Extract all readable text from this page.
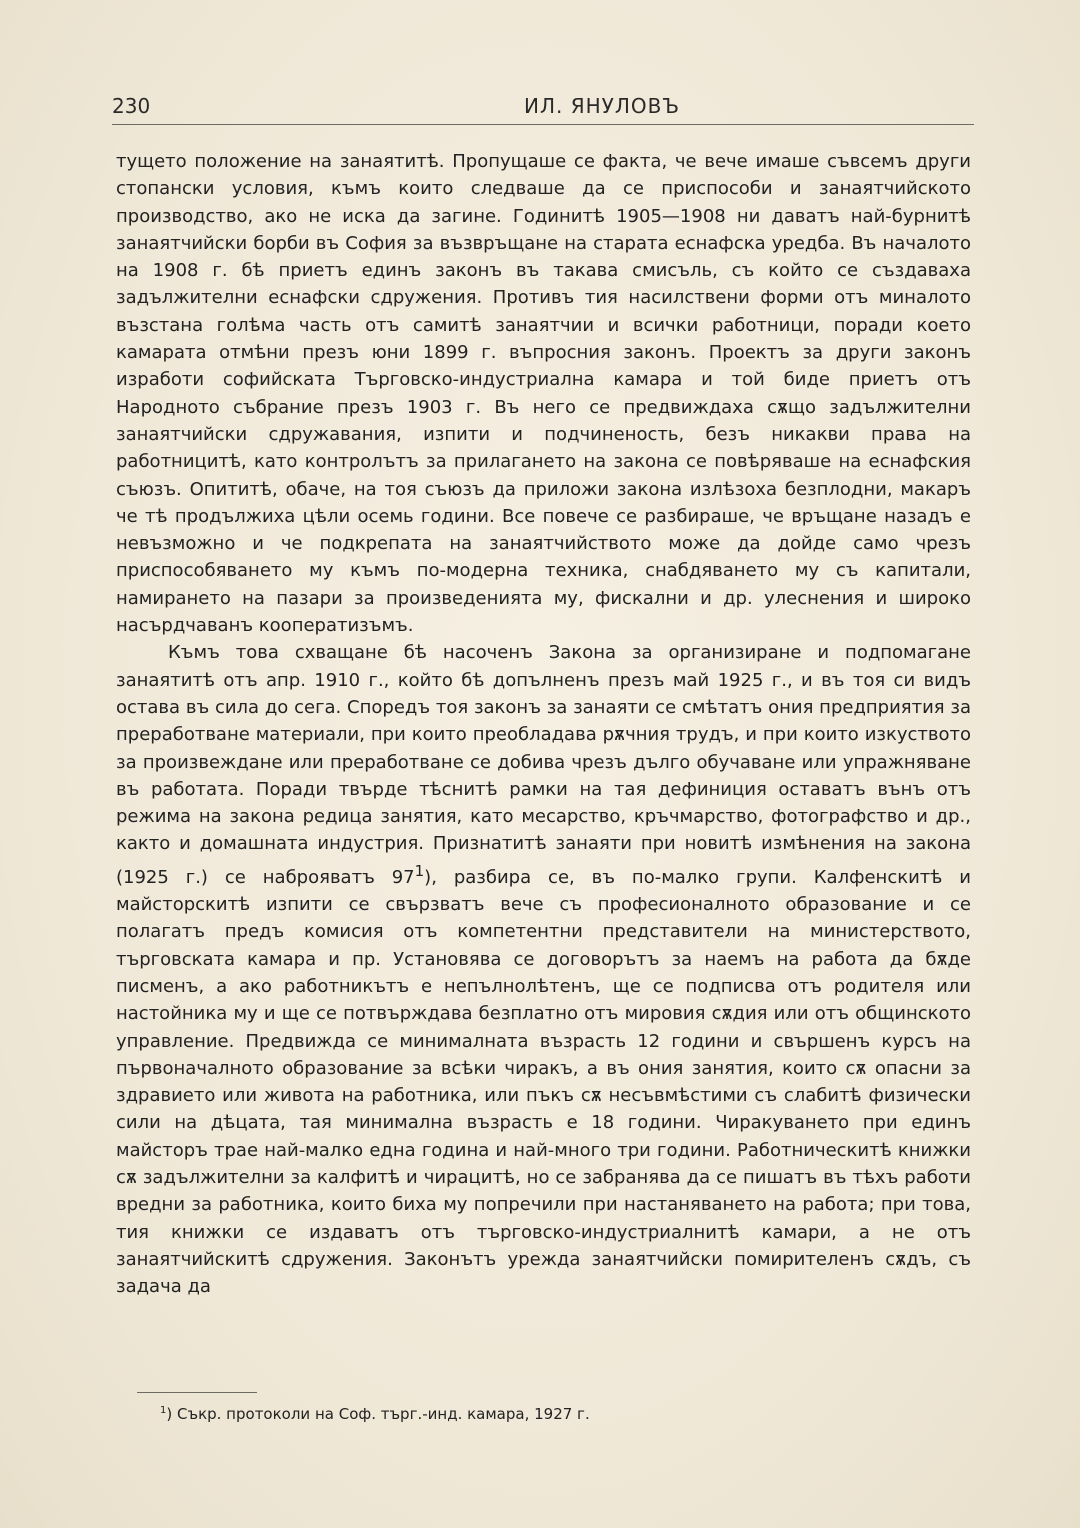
230	ИЛ. ЯНУЛОВЪ

тущето положение на занаятитѣ. Пропущаше се факта, че вече имаше съвсемъ други стопански условия, къмъ които следваше да се приспособи и занаятчийското производство, ако не иска да загине. Годинитѣ 1905—1908 ни даватъ най-бурнитѣ занаятчийски борби въ София за възвръщане на старата еснафска уредба. Въ началото на 1908 г. бѣ приетъ единъ законъ въ такава смисъль, съ който се създаваха задължителни еснафски сдружения. Противъ тия насилствени форми отъ миналото възстана голѣма часть отъ самитѣ занаятчии и всички работници, поради което камарата отмѣни презъ юни 1899 г. въпросния законъ. Проектъ за други законъ изработи софийската Търговско-индустриална камара и той биде приетъ отъ Народното събрание презъ 1903 г. Въ него се предвиждаха сѫщо задължителни занаятчийски сдружавания, изпити и подчиненость, безъ никакви права на работницитѣ, като контролътъ за прилагането на закона се повѣряваше на еснафския съюзъ. Опититѣ, обаче, на тоя съюзъ да приложи закона излѣзоха безплодни, макаръ че тѣ продължиха цѣли осемь години. Все повече се разбираше, че връщане назадъ е невъзможно и че подкрепата на занаятчийството може да дойде само чрезъ приспособяването му къмъ по-модерна техника, снабдяването му съ капитали, намирането на пазари за произведенията му, фискални и др. улеснения и широко насърдчаванъ кооператизъмъ.

Къмъ това схващане бѣ насоченъ Закона за организиране и подпомагане занаятитѣ отъ апр. 1910 г., който бѣ допълненъ презъ май 1925 г., и въ тоя си видъ остава въ сила до сега. Споредъ тоя законъ за занаяти се смѣтатъ ония предприятия за преработване материали, при които преобладава рѫчния трудъ, и при които изкуството за произвеждане или преработване се добива чрезъ дълго обучаване или упражняване въ работата. Поради твърде тѣснитѣ рамки на тая дефиниция оставатъ вънъ отъ режима на закона редица занятия, като месарство, кръчмарство, фотографство и др., както и домашната индустрия. Признатитѣ занаяти при новитѣ измѣнения на закона (1925 г.) се наброяватъ $97^1$), разбира се, въ по-малко групи. Калфенскитѣ и майсторскитѣ изпити се свързватъ вече съ професионалното образование и се полагатъ предъ комисия отъ компетентни представители на министерството, търговската камара и пр. Установява се договорътъ за наемъ на работа да бѫде писменъ, а ако работникътъ е непълнолѣтенъ, ще се подписва отъ родителя или настойника му и ще се потвърждава безплатно отъ мировия сѫдия или отъ общинското управление. Предвижда се минималната възрасть 12 години и свършенъ курсъ на първоначалното образование за всѣки чиракъ, а въ ония занятия, които сѫ опасни за здравието или живота на работника, или пъкъ сѫ несъвмѣстими съ слабитѣ физически сили на дѣцата, тая минимална възрасть е 18 години. Чиракуването при единъ майсторъ трае най-малко една година и най-много три години. Работническитѣ книжки сѫ задължителни за калфитѣ и чирацитѣ, но се забранява да се пишатъ въ тѣхъ работи вредни за работника, които биха му попречили при настаняването на работа; при това, тия книжки се издаватъ отъ търговско-индустриалнитѣ камари, а не отъ занаятчийскитѣ сдружения. Законътъ урежда занаятчийски помирителенъ сѫдъ, съ задача да

$^1$) Съкр. протоколи на Соф. търг.-инд. камара, 1927 г.
